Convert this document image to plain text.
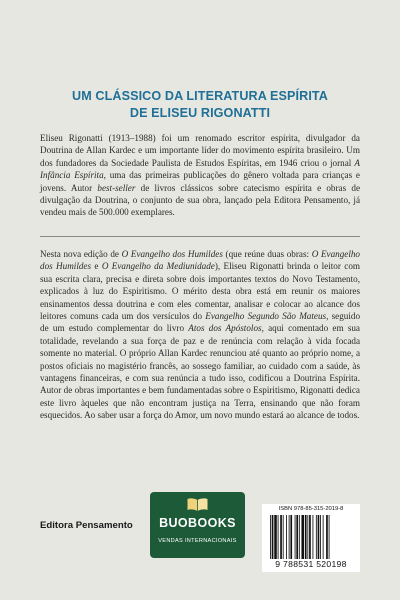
UM CLÁSSICO DA LITERATURA ESPÍRITA
DE ELISEU RIGONATTI

Eliseu Rigonatti (1913–1988) foi um renomado escritor espírita, divulgador da Doutrina de Allan Kardec e um importante líder do movimento espírita brasileiro. Um dos fundadores da Sociedade Paulista de Estudos Espíritas, em 1946 criou o jornal A Infância Espírita, uma das primeiras publicações do gênero voltada para crianças e jovens. Autor best-seller de livros clássicos sobre catecismo espírita e obras de divulgação da Doutrina, o conjunto de sua obra, lançado pela Editora Pensamento, já vendeu mais de 500.000 exemplares.

Nesta nova edição de O Evangelho dos Humildes (que reúne duas obras: O Evangelho dos Humildes e O Evangelho da Mediunidade), Eliseu Rigonatti brinda o leitor com sua escrita clara, precisa e direta sobre dois importantes textos do Novo Testamento, explicados à luz do Espiritismo. O mérito desta obra está em reunir os maiores ensinamentos dessa doutrina e com eles comentar, analisar e colocar ao alcance dos leitores comuns cada um dos versículos do Evangelho Segundo São Mateus, seguido de um estudo complementar do livro Atos dos Apóstolos, aqui comentado em sua totalidade, revelando a sua força de paz e de renúncia com relação à vida focada somente no material. O próprio Allan Kardec renunciou até quanto ao próprio nome, a postos oficiais no magistério francês, ao sossego familiar, ao cuidado com a saúde, às vantagens financeiras, e com sua renúncia a tudo isso, codificou a Doutrina Espírita. Autor de obras importantes e bem fundamentadas sobre o Espiritismo, Rigonatti dedica este livro àqueles que não encontram justiça na Terra, ensinando que não foram esquecidos. Ao saber usar a força do Amor, um novo mundo estará ao alcance de todos.

Editora Pensamento	BUOBOOKS
VENDAS INTERNACIONAIS
ISBN 978-85-315-2019-8
9 788531 520198
